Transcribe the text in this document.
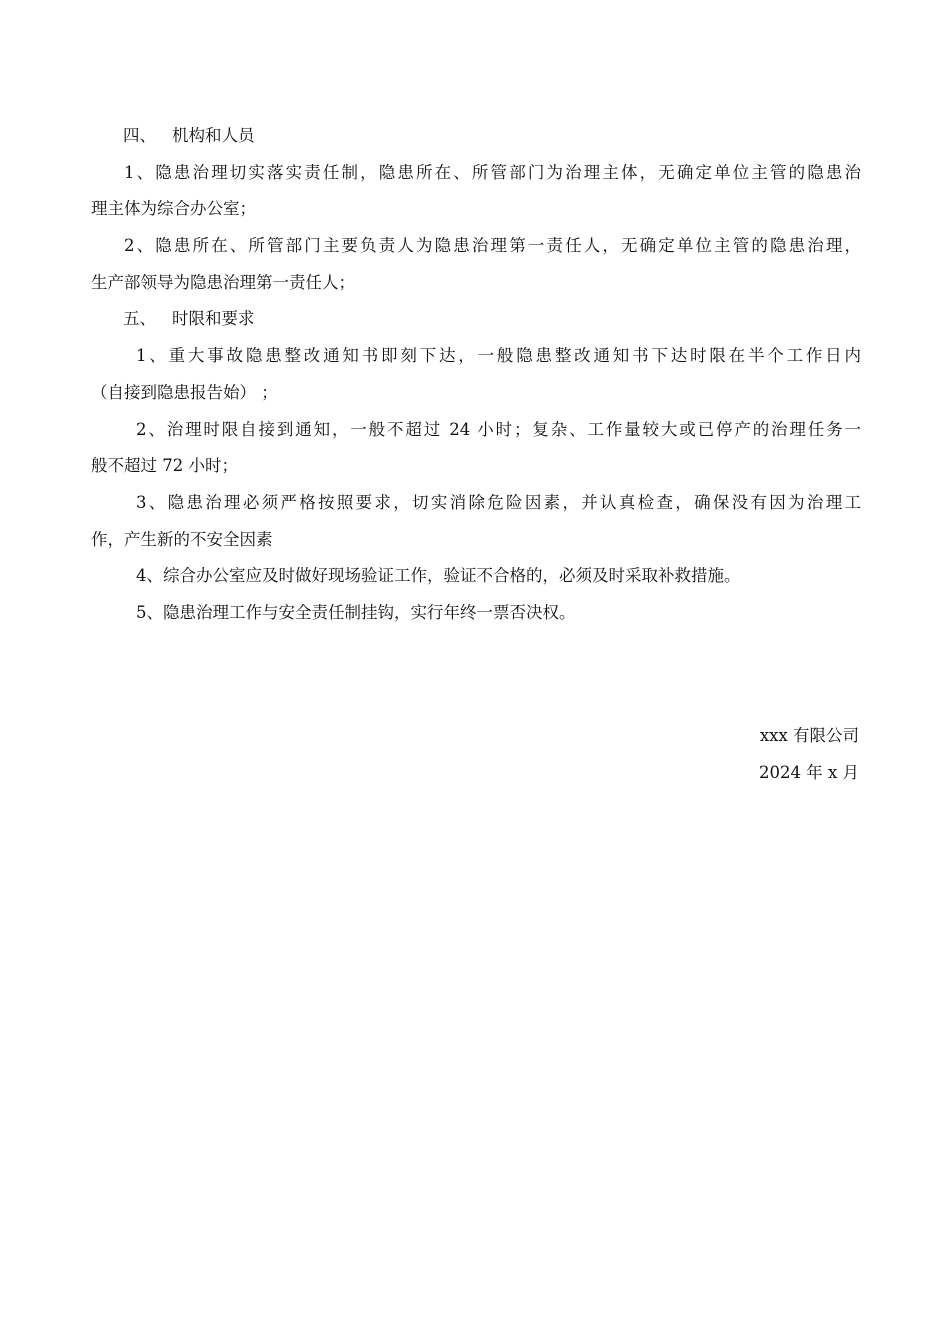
四、 机构和人员
1、隐患治理切实落实责任制，隐患所在、所管部门为治理主体，无确定单位主管的隐患治
理主体为综合办公室；
2、隐患所在、所管部门主要负责人为隐患治理第一责任人，无确定单位主管的隐患治理，
生产部领导为隐患治理第一责任人；
五、 时限和要求
1、重大事故隐患整改通知书即刻下达，一般隐患整改通知书下达时限在半个工作日内
（自接到隐患报告始） ；
2、治理时限自接到通知，一般不超过 24 小时；复杂、工作量较大或已停产的治理任务一
般不超过 72 小时；
3、隐患治理必须严格按照要求，切实消除危险因素，并认真检查，确保没有因为治理工
作，产生新的不安全因素
4、综合办公室应及时做好现场验证工作，验证不合格的，必须及时采取补救措施。
5、隐患治理工作与安全责任制挂钩，实行年终一票否决权。
xxx 有限公司
2024 年 x 月
